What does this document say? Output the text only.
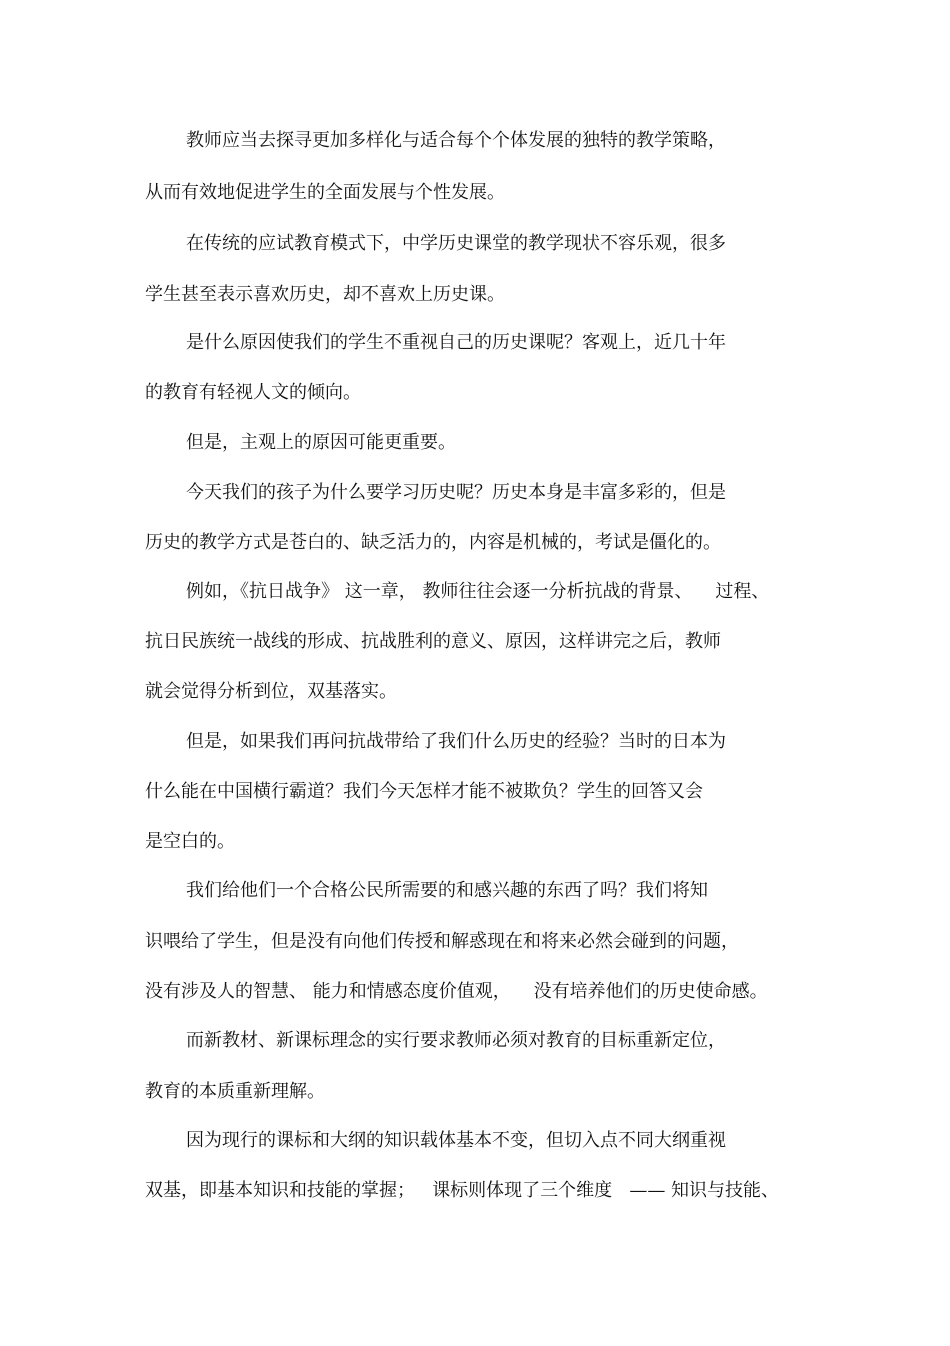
教师应当去探寻更加多样化与适合每个个体发展的独特的教学策略，
从而有效地促进学生的全面发展与个性发展。
在传统的应试教育模式下，中学历史课堂的教学现状不容乐观，很多
学生甚至表示喜欢历史，却不喜欢上历史课。
是什么原因使我们的学生不重视自己的历史课呢？客观上，近几十年
的教育有轻视人文的倾向。
但是，主观上的原因可能更重要。
今天我们的孩子为什么要学习历史呢？历史本身是丰富多彩的，但是
历史的教学方式是苍白的、缺乏活力的，内容是机械的，考试是僵化的。
例如，《抗日战争》 这一章， 教师往往会逐一分析抗战的背景、    过程、
抗日民族统一战线的形成、抗战胜利的意义、原因，这样讲完之后，教师
就会觉得分析到位，双基落实。
但是，如果我们再问抗战带给了我们什么历史的经验？当时的日本为
什么能在中国横行霸道？我们今天怎样才能不被欺负？学生的回答又会
是空白的。
我们给他们一个合格公民所需要的和感兴趣的东西了吗？我们将知
识喂给了学生，但是没有向他们传授和解惑现在和将来必然会碰到的问题，
没有涉及人的智慧、 能力和情感态度价值观，    没有培养他们的历史使命感。
而新教材、新课标理念的实行要求教师必须对教育的目标重新定位，
教育的本质重新理解。
因为现行的课标和大纲的知识载体基本不变，但切入点不同大纲重视
双基，即基本知识和技能的掌握；   课标则体现了三个维度   —— 知识与技能、
